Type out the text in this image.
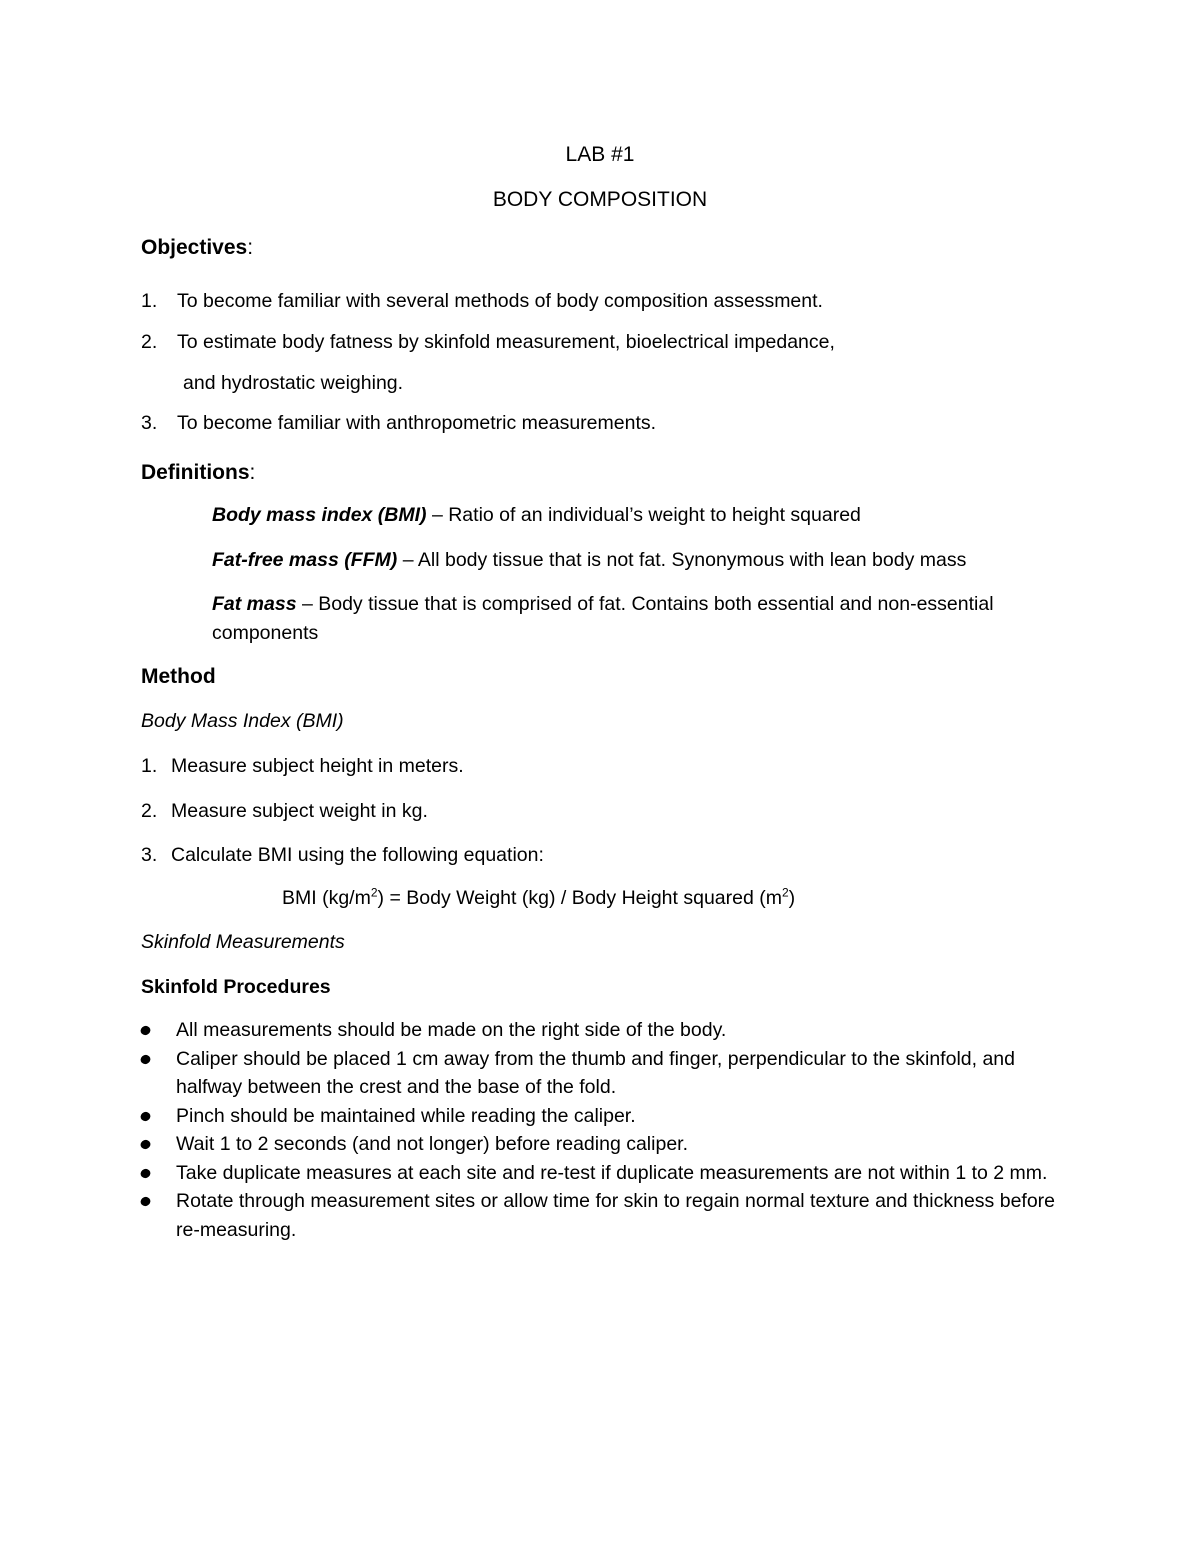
LAB #1
BODY COMPOSITION
Objectives:
1. To become familiar with several methods of body composition assessment.
2. To estimate body fatness by skinfold measurement, bioelectrical impedance,
and hydrostatic weighing.
3. To become familiar with anthropometric measurements.
Definitions:
Body mass index (BMI) – Ratio of an individual’s weight to height squared
Fat-free mass (FFM) – All body tissue that is not fat. Synonymous with lean body mass
Fat mass – Body tissue that is comprised of fat. Contains both essential and non-essential components
Method
Body Mass Index (BMI)
1. Measure subject height in meters.
2. Measure subject weight in kg.
3. Calculate BMI using the following equation:
BMI $(kg/m^2)$ = Body Weight (kg) / Body Height squared $(m^2)$
Skinfold Measurements
Skinfold Procedures
All measurements should be made on the right side of the body.
Caliper should be placed 1 cm away from the thumb and finger, perpendicular to the skinfold, and halfway between the crest and the base of the fold.
Pinch should be maintained while reading the caliper.
Wait 1 to 2 seconds (and not longer) before reading caliper.
Take duplicate measures at each site and re-test if duplicate measurements are not within 1 to 2 mm.
Rotate through measurement sites or allow time for skin to regain normal texture and thickness before re-measuring.
